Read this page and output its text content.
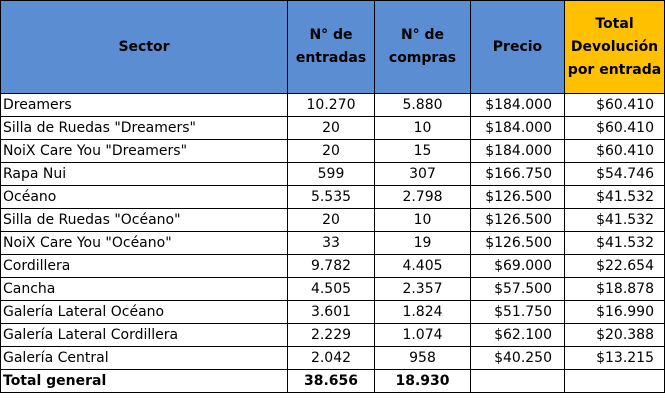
Sector	N° de entradas	N° de compras	Precio	Total Devolución por entrada
Dreamers	10.270	5.880	$184.000	$60.410
Silla de Ruedas "Dreamers"	20	10	$184.000	$60.410
NoiX Care You "Dreamers"	20	15	$184.000	$60.410
Rapa Nui	599	307	$166.750	$54.746
Océano	5.535	2.798	$126.500	$41.532
Silla de Ruedas "Océano"	20	10	$126.500	$41.532
NoiX Care You "Océano"	33	19	$126.500	$41.532
Cordillera	9.782	4.405	$69.000	$22.654
Cancha	4.505	2.357	$57.500	$18.878
Galería Lateral Océano	3.601	1.824	$51.750	$16.990
Galería Lateral Cordillera	2.229	1.074	$62.100	$20.388
Galería Central	2.042	958	$40.250	$13.215
Total general	38.656	18.930		
